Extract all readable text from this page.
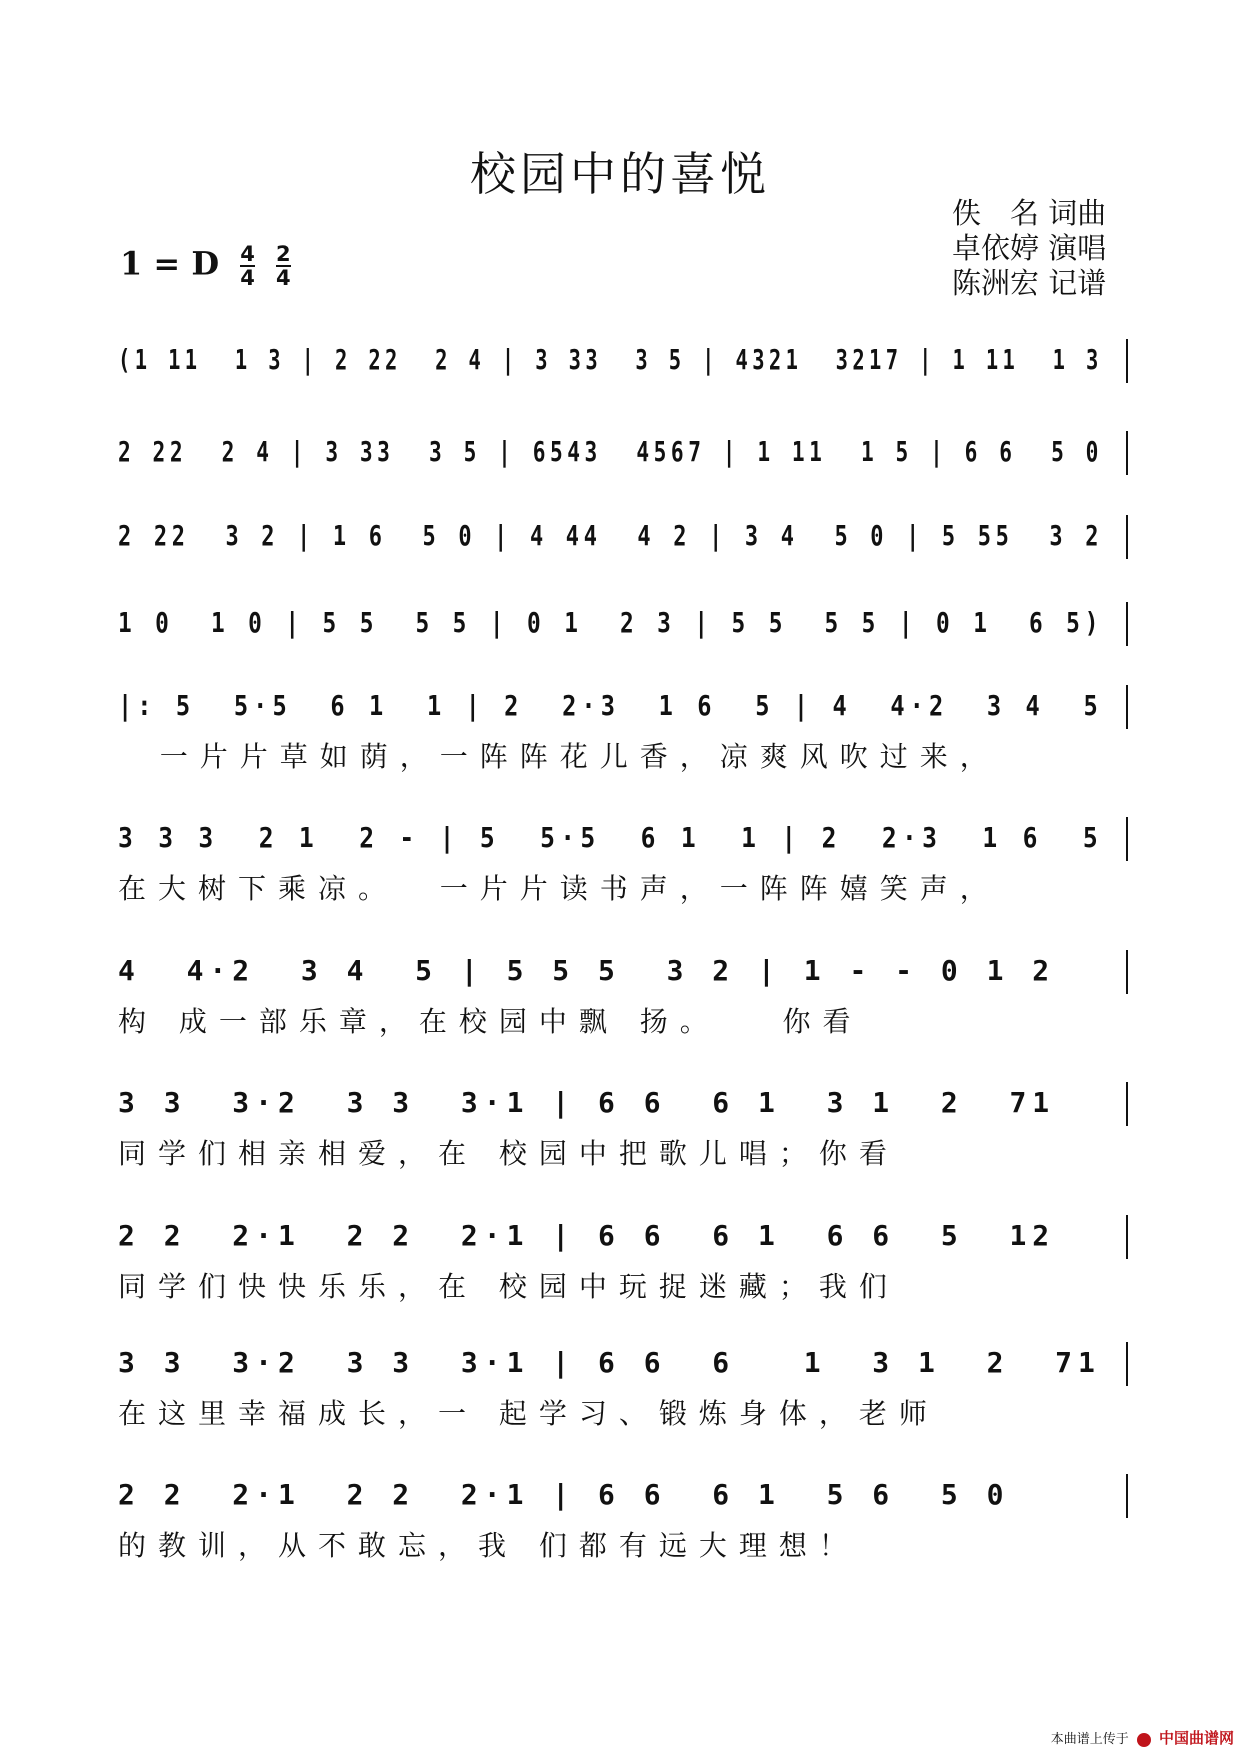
校园中的喜悦
佚　名 词曲
卓依婷 演唱
陈洲宏 记谱
1 = D $\frac{4}{4}$
$\frac{2}{4}$
(1 11  1 3 | 2 22  2 4 | 3 33  3 5 | 4321  3217 | 1 11  1 3
2 22  2 4 | 3 33  3 5 | 6543  4567 | 1 11  1 5 | 6 6  5 0
2 22  3 2 | 1 6  5 0 | 4 44  4 2 | 3 4  5 0 | 5 55  3 2
1 0  1 0 | 5 5  5 5 | 0 1  2 3 | 5 5  5 5 | 0 1  6 5)
|: 5  5·5  6 1  1 | 2  2·3  1 6  5 | 4  4·2  3 4  5
一片片草如荫，一阵阵花儿香，凉爽风吹过来，
3 3 3  2 1  2 - | 5  5·5  6 1  1 | 2  2·3  1 6  5
在大树下乘凉。  一片片读书声，一阵阵嬉笑声，
4  4·2  3 4  5 | 5 5 5  3 2 | 1 - - 0 1 2
构 成一部乐章，在校园中飘 扬。   你看
3 3  3·2  3 3  3·1 | 6 6  6 1  3 1  2  71
同学们相亲相爱，在 校园中把歌儿唱；你看
2 2  2·1  2 2  2·1 | 6 6  6 1  6 6  5  12
同学们快快乐乐，在 校园中玩捉迷藏；我们
3 3  3·2  3 3  3·1 | 6 6  6   1  3 1  2  71
在这里幸福成长，一 起学习、锻炼身体，老师
2 2  2·1  2 2  2·1 | 6 6  6 1  5 6  5 0
的教训，从不敢忘，我 们都有远大理想！
本曲谱上传于 中国曲谱网
